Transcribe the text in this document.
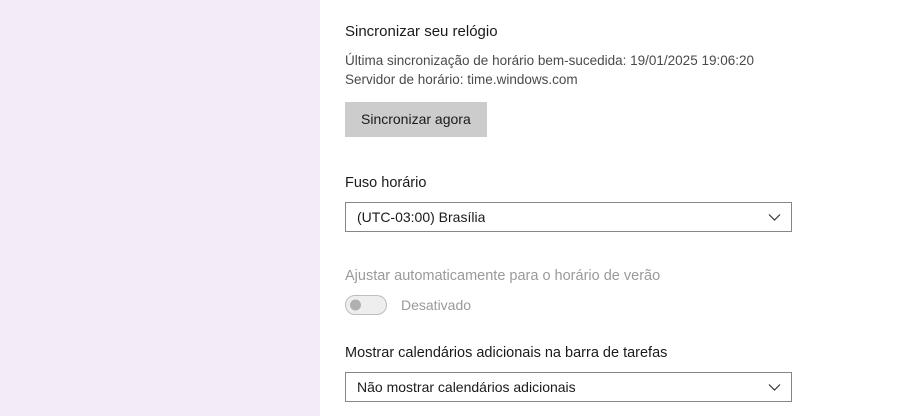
Sincronizar seu relógio
Última sincronização de horário bem-sucedida: 19/01/2025 19:06:20
Servidor de horário: time.windows.com
Sincronizar agora
Fuso horário
(UTC-03:00) Brasília
Ajustar automaticamente para o horário de verão
Desativado
Mostrar calendários adicionais na barra de tarefas
Não mostrar calendários adicionais
